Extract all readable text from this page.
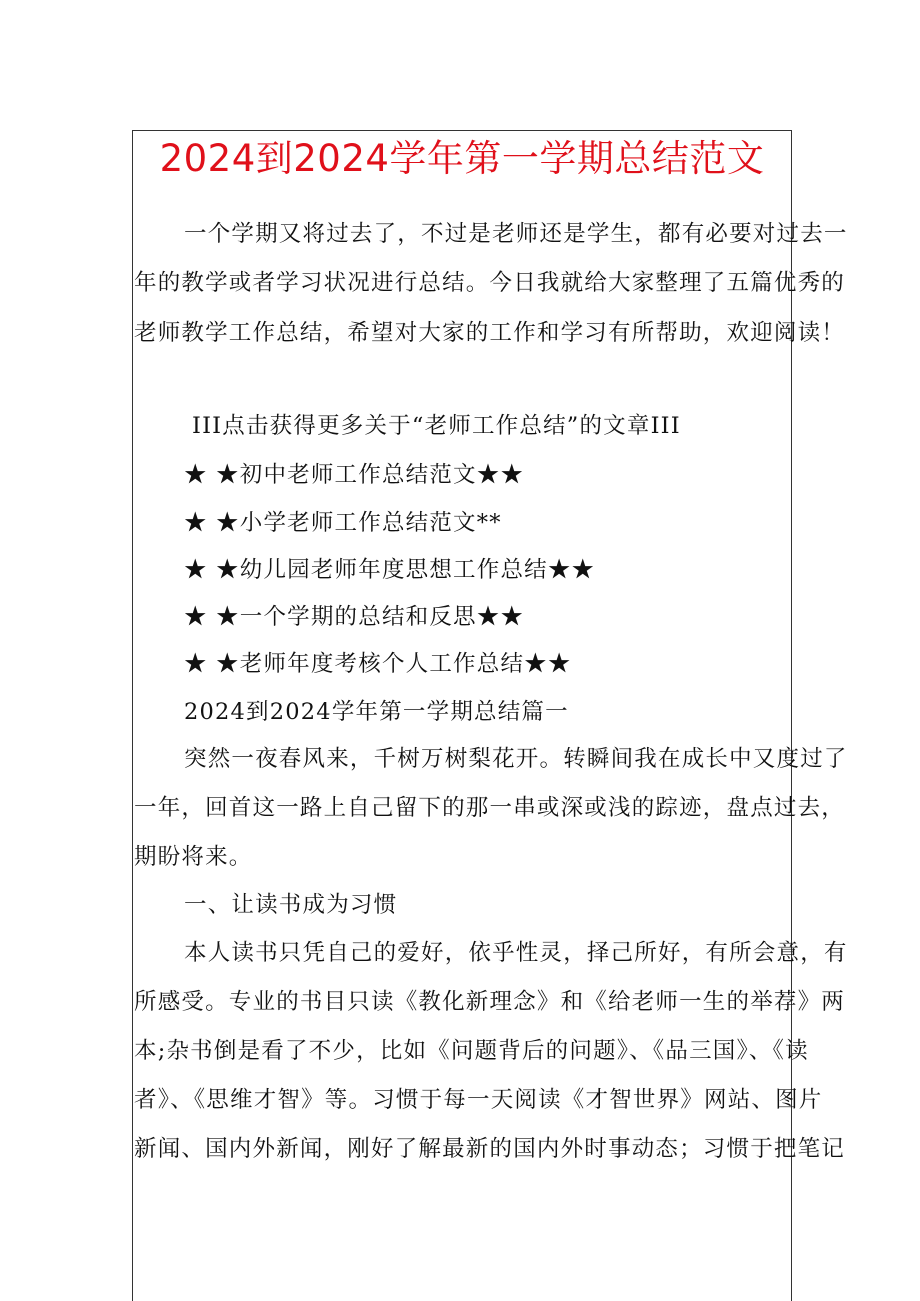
2024到2024学年第一学期总结范文
一个学期又将过去了，不过是老师还是学生，都有必要对过去一
年的教学或者学习状况进行总结。今日我就给大家整理了五篇优秀的
老师教学工作总结，希望对大家的工作和学习有所帮助，欢迎阅读！
III点击获得更多关于“老师工作总结”的文章III
★ ★初中老师工作总结范文★★
★ ★小学老师工作总结范文**
★ ★幼儿园老师年度思想工作总结★★
★ ★一个学期的总结和反思★★
★ ★老师年度考核个人工作总结★★
2024到2024学年第一学期总结篇一
突然一夜春风来，千树万树梨花开。转瞬间我在成长中又度过了
一年，回首这一路上自己留下的那一串或深或浅的踪迹，盘点过去，
期盼将来。
一、让读书成为习惯
本人读书只凭自己的爱好，依乎性灵，择己所好，有所会意，有
所感受。专业的书目只读《教化新理念》和《给老师一生的举荐》两
本;杂书倒是看了不少，比如《问题背后的问题》、《品三国》、《读
者》、《思维才智》等。习惯于每一天阅读《才智世界》网站、图片
新闻、国内外新闻，刚好了解最新的国内外时事动态；习惯于把笔记
